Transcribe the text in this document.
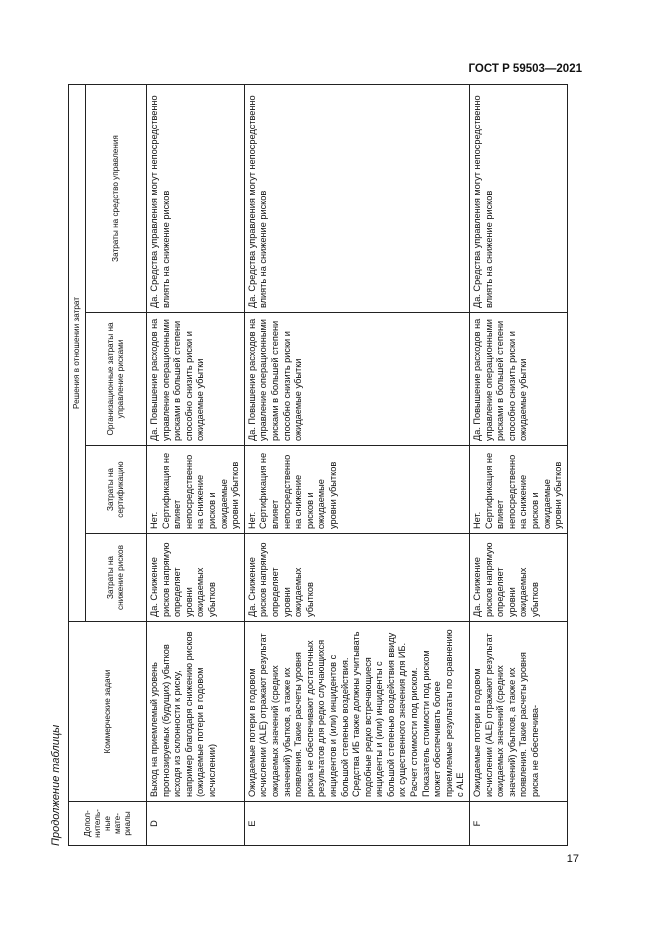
ГОСТ Р 59503—2021
Продолжение таблицы	Допол-нитель-ные мате-риалы	Коммерческие задачи	Решения в отношении затрат			
		Затраты на снижение рисков	Затраты на сертификацию	Организационные затраты на управление рисками	Затраты на средство управления
D	Выход на приемлемый уровень прогнозируемых (будущих) убытков исходя из склонности к риску, например благодаря снижению рисков (ожидаемые потери в годовом исчислении)	Да. Снижение рисков напрямую определяет уровни ожидаемых убытков	Нет. Сертификация не влияет непосредственно на снижение рисков и ожидаемые уровни убытков	Да. Повышение расходов на управление операционными рисками в большей степени способно снизить риски и ожидаемые убытки	Да. Средства управления могут непосредственно влиять на снижение рисков
E	Ожидаемые потери в годовом исчислении (ALE) отражают результат ожидаемых значений (средних значений) убытков, а также их появления. Такие расчеты уровня риска не обеспечивают достаточных результатов для редко случающихся инцидентов и (или) инцидентов с большой степенью воздействия. Средства ИБ также должны учитывать подобные редко встречающиеся инциденты и (или) инциденты с большой степенью воздействия ввиду их существенного значения для ИБ. Расчет стоимости под риском. Показатель стоимости под риском может обеспечивать более приемлемые результаты по сравнению с ALE	Да. Снижение рисков напрямую определяет уровни ожидаемых убытков	Нет. Сертификация не влияет непосредственно на снижение рисков и ожидаемые уровни убытков	Да. Повышение расходов на управление операционными рисками в большей степени способно снизить риски и ожидаемые убытки	Да. Средства управления могут непосредственно влиять на снижение рисков
F	Ожидаемые потери в годовом исчислении (ALE) отражают результат ожидаемых значений (средних значений) убытков, а также их появления. Такие расчеты уровня риска не обеспечива-	Да. Снижение рисков напрямую определяет уровни ожидаемых убытков	Нет. Сертификация не влияет непосредственно на снижение рисков и ожидаемые уровни убытков	Да. Повышение расходов на управление операционными рисками в большей степени способно снизить риски и ожидаемые убытки	Да. Средства управления могут непосредственно влиять на снижение рисков
17
